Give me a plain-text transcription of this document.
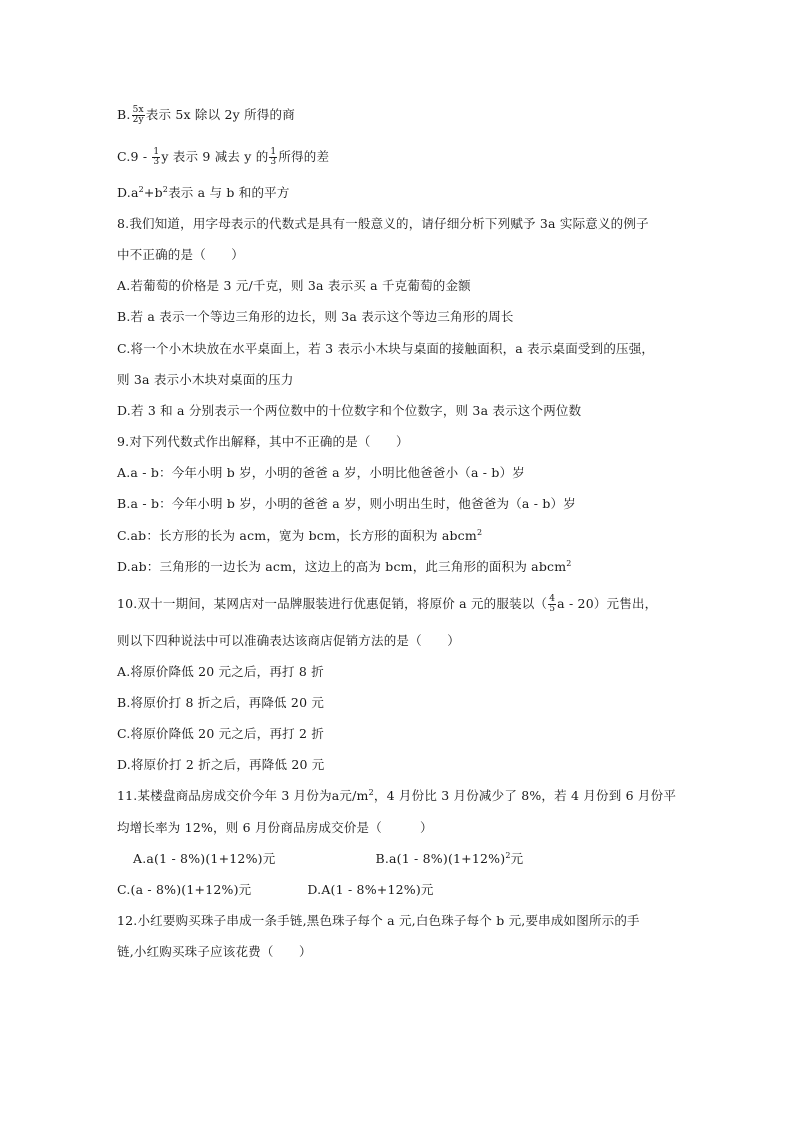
B. $\frac{5x}{2y}$ 表示 5x 除以 2y 所得的商
$C.9 - \frac{1}{3}$ y 表示 9 减去 y 的 $\frac{1}{3}$ 所得的差
$D.a^2+b^2$表示 a 与 b 和的平方
8.我们知道，用字母表示的代数式是具有一般意义的，请仔细分析下列赋予 3a 实际意义的例子
中不正确的是（　　）
A.若葡萄的价格是 3 元/千克，则 3a 表示买 a 千克葡萄的金额
B.若 a 表示一个等边三角形的边长，则 3a 表示这个等边三角形的周长
C.将一个小木块放在水平桌面上，若 3 表示小木块与桌面的接触面积，a 表示桌面受到的压强，
则 3a 表示小木块对桌面的压力
D.若 3 和 a 分别表示一个两位数中的十位数字和个位数字，则 3a 表示这个两位数
9.对下列代数式作出解释，其中不正确的是（　　）
A.a - b：今年小明 b 岁，小明的爸爸 a 岁，小明比他爸爸小（a - b）岁
B.a - b：今年小明 b 岁，小明的爸爸 a 岁，则小明出生时，他爸爸为（a - b）岁
C.ab：长方形的长为 acm，宽为 bcm，长方形的面积为 abcm$^2$
D.ab：三角形的一边长为 acm，这边上的高为 bcm，此三角形的面积为 abcm$^2$
10.双十一期间，某网店对一品牌服装进行优惠促销，将原价 a 元的服装以（ $\frac{4}{5}$ a - 20）元售出，
则以下四种说法中可以准确表达该商店促销方法的是（　　）
A.将原价降低 20 元之后，再打 8 折
B.将原价打 8 折之后，再降低 20 元
C.将原价降低 20 元之后，再打 2 折
D.将原价打 2 折之后，再降低 20 元
11.某楼盘商品房成交价今年 3 月份为a元$/m^2$，4 月份比 3 月份减少了 8%，若 4 月份到 6 月份平
均增长率为 12%，则 6 月份商品房成交价是（　　　）
A.a(1 - 8%)(1+12%)元	$B.a(1 - 8\%)(1+12\%)^2$元
C.(a - 8%)(1+12%)元	D.A(1 - 8%+12%)元
12.小红要购买珠子串成一条手链,黑色珠子每个 a 元,白色珠子每个 b 元,要串成如图所示的手
链,小红购买珠子应该花费（　　）
